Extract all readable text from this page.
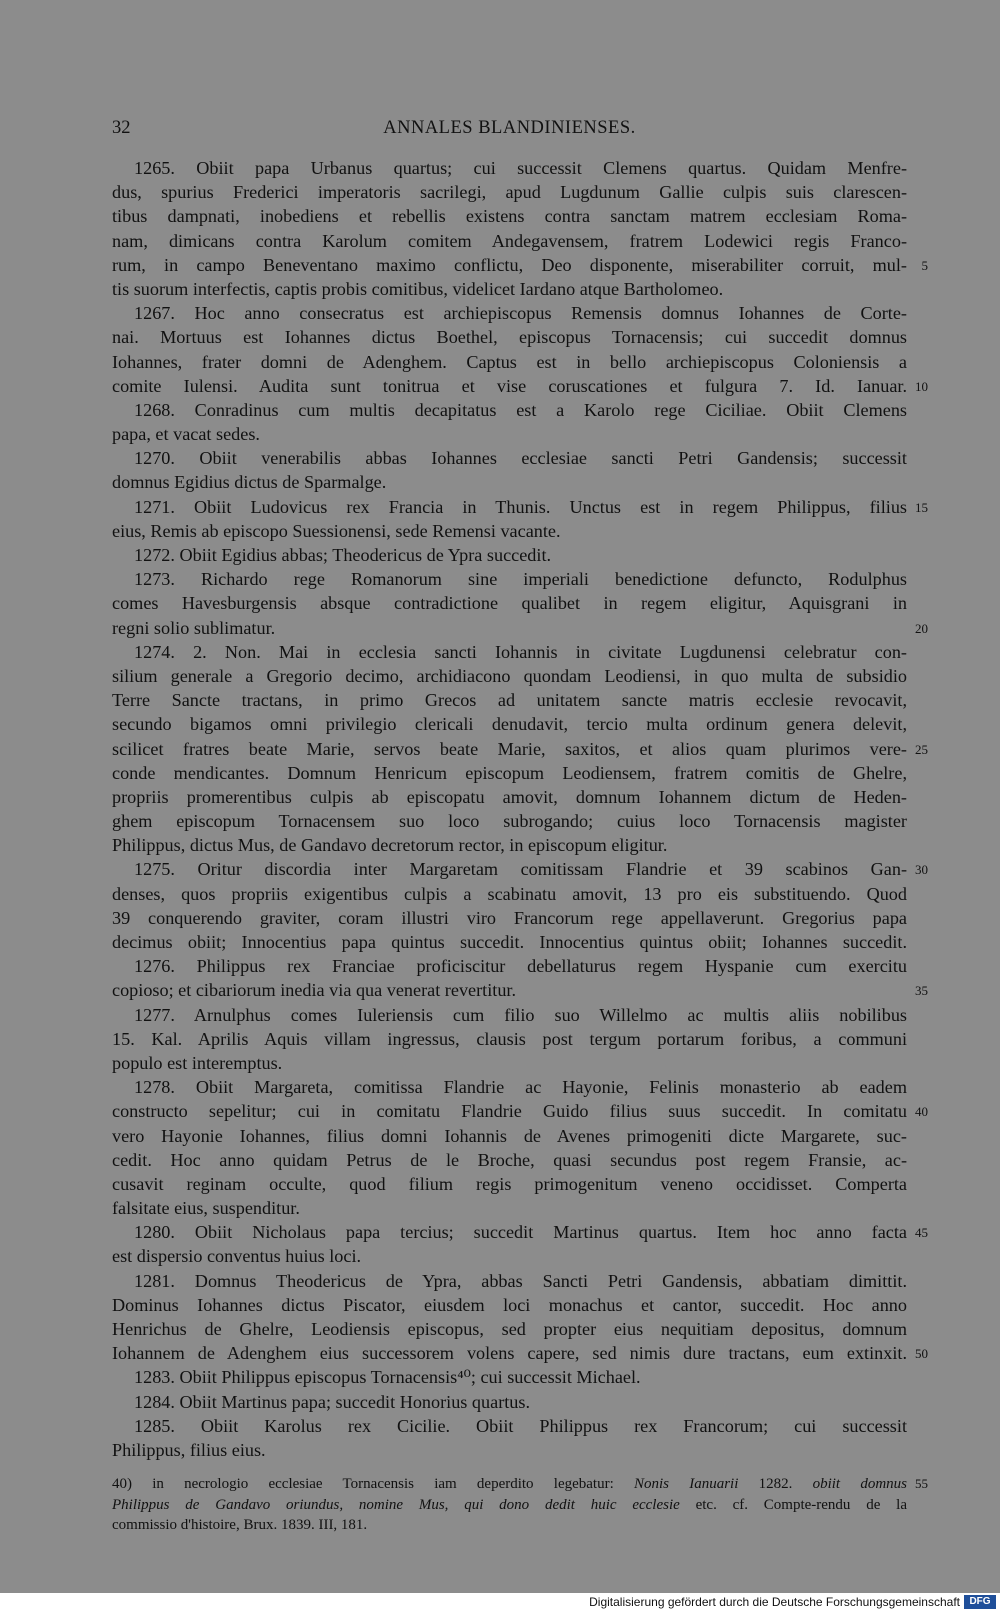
32	ANNALES BLANDINIENSES.
1265. Obiit papa Urbanus quartus; cui successit Clemens quartus. Quidam Menfre-
dus, spurius Frederici imperatoris sacrilegi, apud Lugdunum Gallie culpis suis clarescen-
tibus dampnati, inobediens et rebellis existens contra sanctam matrem ecclesiam Roma-
nam, dimicans contra Karolum comitem Andegavensem, fratrem Lodewici regis Franco-
rum, in campo Beneventano maximo conflictu, Deo disponente, miserabiliter corruit, mul- 5
tis suorum interfectis, captis probis comitibus, videlicet Iardano atque Bartholomeo.
1267. Hoc anno consecratus est archiepiscopus Remensis domnus Iohannes de Corte-
nai. Mortuus est Iohannes dictus Boethel, episcopus Tornacensis; cui succedit domnus
Iohannes, frater domni de Adenghem. Captus est in bello archiepiscopus Coloniensis a
comite Iulensi. Audita sunt tonitrua et vise coruscationes et fulgura 7. Id. Ianuar. 10
1268. Conradinus cum multis decapitatus est a Karolo rege Ciciliae. Obiit Clemens
papa, et vacat sedes.
1270. Obiit venerabilis abbas Iohannes ecclesiae sancti Petri Gandensis; successit
domnus Egidius dictus de Sparmalge.
1271. Obiit Ludovicus rex Francia in Thunis. Unctus est in regem Philippus, filius 15
eius, Remis ab episcopo Suessionensi, sede Remensi vacante.
1272. Obiit Egidius abbas; Theodericus de Ypra succedit.
1273. Richardo rege Romanorum sine imperiali benedictione defuncto, Rodulphus
comes Havesburgensis absque contradictione qualibet in regem eligitur, Aquisgrani in
regni solio sublimatur.	20
1274. 2. Non. Mai in ecclesia sancti Iohannis in civitate Lugdunensi celebratur con-
silium generale a Gregorio decimo, archidiacono quondam Leodiensi, in quo multa de subsidio
Terre Sancte tractans, in primo Grecos ad unitatem sancte matris ecclesie revocavit,
secundo bigamos omni privilegio clericali denudavit, tercio multa ordinum genera delevit,
scilicet fratres beate Marie, servos beate Marie, saxitos, et alios quam plurimos vere- 25
conde mendicantes. Domnum Henricum episcopum Leodiensem, fratrem comitis de Ghelre,
propriis promerentibus culpis ab episcopatu amovit, domnum Iohannem dictum de Heden-
ghem episcopum Tornacensem suo loco subrogando; cuius loco Tornacensis magister
Philippus, dictus Mus, de Gandavo decretorum rector, in episcopum eligitur.
1275. Oritur discordia inter Margaretam comitissam Flandrie et 39 scabinos Gan- 30
denses, quos propriis exigentibus culpis a scabinatu amovit, 13 pro eis substituendo. Quod
39 conquerendo graviter, coram illustri viro Francorum rege appellaverunt. Gregorius papa
decimus obiit; Innocentius papa quintus succedit. Innocentius quintus obiit; Iohannes succedit.
1276. Philippus rex Franciae proficiscitur debellaturus regem Hyspanie cum exercitu
copioso; et cibariorum inedia via qua venerat revertitur.	35
1277. Arnulphus comes Iuleriensis cum filio suo Willelmo ac multis aliis nobilibus
15. Kal. Aprilis Aquis villam ingressus, clausis post tergum portarum foribus, a communi
populo est interemptus.
1278. Obiit Margareta, comitissa Flandrie ac Hayonie, Felinis monasterio ab eadem
constructo sepelitur; cui in comitatu Flandrie Guido filius suus succedit. In comitatu 40
vero Hayonie Iohannes, filius domni Iohannis de Avenes primogeniti dicte Margarete, suc-
cedit. Hoc anno quidam Petrus de le Broche, quasi secundus post regem Fransie, ac-
cusavit reginam occulte, quod filium regis primogenitum veneno occidisset. Comperta
falsitate eius, suspenditur.
1280. Obiit Nicholaus papa tercius; succedit Martinus quartus. Item hoc anno facta 45
est dispersio conventus huius loci.
1281. Domnus Theodericus de Ypra, abbas Sancti Petri Gandensis, abbatiam dimittit.
Dominus Iohannes dictus Piscator, eiusdem loci monachus et cantor, succedit. Hoc anno
Henrichus de Ghelre, Leodiensis episcopus, sed propter eius nequitiam depositus, domnum
Iohannem de Adenghem eius successorem volens capere, sed nimis dure tractans, eum extinxit. 50
1283. Obiit Philippus episcopus Tornacensis⁴⁰; cui successit Michael.
1284. Obiit Martinus papa; succedit Honorius quartus.
1285. Obiit Karolus rex Cicilie. Obiit Philippus rex Francorum; cui successit
Philippus, filius eius.
40) in necrologio ecclesiae Tornacensis iam deperdito legebatur: Nonis Ianuarii 1282. obiit domnus 55
Philippus de Gandavo oriundus, nomine Mus, qui dono dedit huic ecclesie etc. cf. Compte-rendu de la
commissio d'histoire, Brux. 1839. III, 181.
Digitalisierung gefördert durch die Deutsche Forschungsgemeinschaft DFG
